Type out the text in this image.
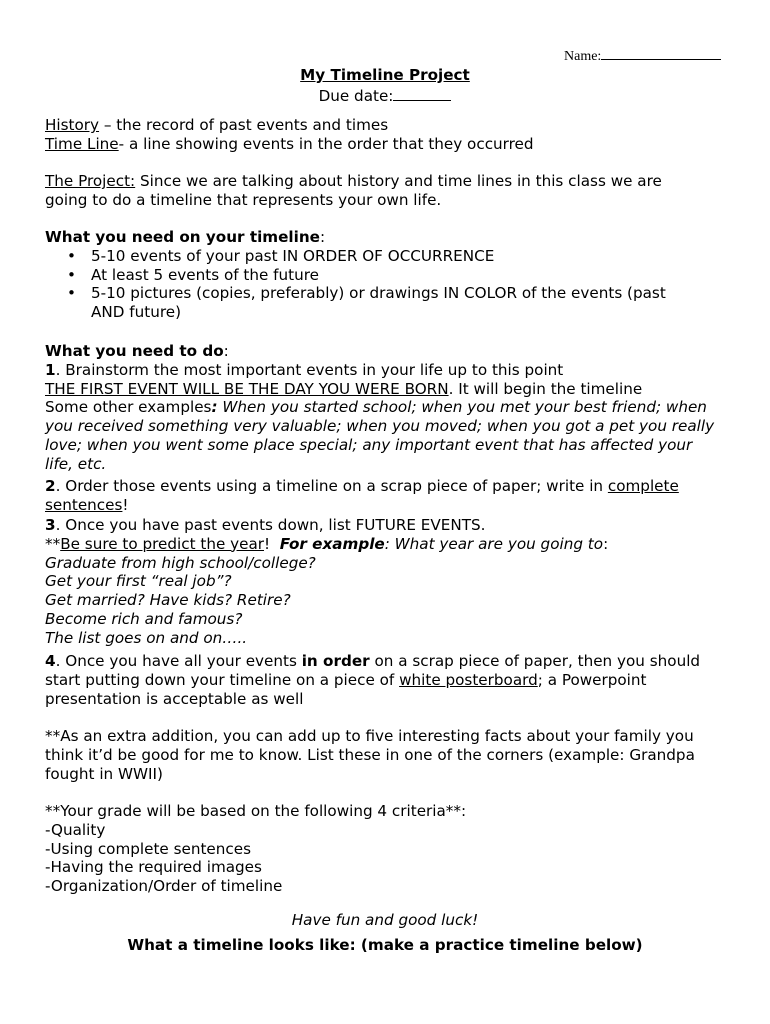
Name:
My Timeline Project
Due date:

History – the record of past events and times

Time Line- a line showing events in the order that they occurred

The Project: Since we are talking about history and time lines in this class we are going to do a timeline that represents your own life.

What you need on your timeline:

• 5-10 events of your past IN ORDER OF OCCURRENCE
• At least 5 events of the future
• 5-10 pictures (copies, preferably) or drawings IN COLOR of the events (past AND future)

What you need to do:

1. Brainstorm the most important events in your life up to this point

THE FIRST EVENT WILL BE THE DAY YOU WERE BORN. It will begin the timeline

Some other examples: When you started school; when you met your best friend; when you received something very valuable; when you moved; when you got a pet you really love; when you went some place special; any important event that has affected your life, etc.

2. Order those events using a timeline on a scrap piece of paper; write in complete sentences!

3. Once you have past events down, list FUTURE EVENTS.

**Be sure to predict the year!  For example: What year are you going to:

Graduate from high school/college?

Get your first “real job”?

Get married? Have kids? Retire?

Become rich and famous?

The list goes on and on…..

4. Once you have all your events in order on a scrap piece of paper, then you should start putting down your timeline on a piece of white posterboard; a Powerpoint presentation is acceptable as well
**As an extra addition, you can add up to five interesting facts about your family you think it’d be good for me to know. List these in one of the corners (example: Grandpa fought in WWII)

**Your grade will be based on the following 4 criteria**:

-Quality

-Using complete sentences

-Having the required images

-Organization/Order of timeline

Have fun and good luck!
What a timeline looks like: (make a practice timeline below)
